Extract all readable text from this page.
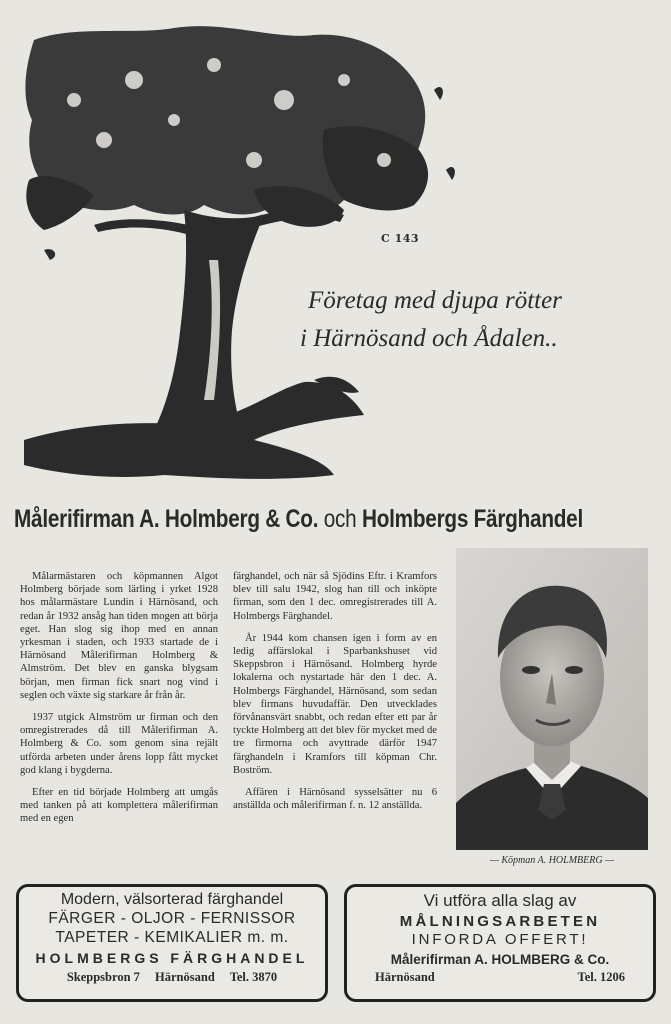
C 143
Företag med djupa rötter
i Härnösand och Ådalen..
Målerifirman A. Holmberg & Co. och Holmbergs Färghandel

Målarmästaren och köpmannen Algot Holmberg började som lärling i yrket 1928 hos målarmästare Lundin i Härnösand, och redan år 1932 ansåg han tiden mogen att börja eget. Han slog sig ihop med en annan yrkesman i staden, och 1933 startade de i Härnösand Målerifirman Holmberg & Almström. Det blev en ganska blygsam början, men firman fick snart nog vind i seglen och växte sig starkare år från år.

1937 utgick Almström ur firman och den omregistrerades då till Målerifirman A. Holmberg & Co. som genom sina rejält utförda arbeten under årens lopp fått mycket god klang i bygderna.

Efter en tid började Holmberg att umgås med tanken på att komplettera målerifirman med en egen

färghandel, och när så Sjödins Eftr. i Kramfors blev till salu 1942, slog han till och inköpte firman, som den 1 dec. omregistrerades till A. Holmbergs Färghandel.

År 1944 kom chansen igen i form av en ledig affärslokal i Sparbankshuset vid Skeppsbron i Härnösand. Holmberg hyrde lokalerna och nystartade här den 1 dec. A. Holmbergs Färghandel, Härnösand, som sedan blev firmans huvudaffär. Den utvecklades förvånansvärt snabbt, och redan efter ett par år tyckte Holmberg att det blev för mycket med de tre firmorna och avyttrade därför 1947 färghandeln i Kramfors till köpman Chr. Boström.

Affären i Härnösand sysselsätter nu 6 anställda och målerifirman f. n. 12 anställda.

— Köpman A. HOLMBERG —
Modern, välsorterad färghandel
FÄRGER - OLJOR - FERNISSOR
TAPETER - KEMIKALIER m. m.
HOLMBERGS FÄRGHANDEL
Skeppsbron 7 Härnösand Tel. 3870
Vi utföra alla slag av
MÅLNINGSARBETEN
INFORDA OFFERT!
Målerifirman A. HOLMBERG & Co.
Härnösand	Tel. 1206
